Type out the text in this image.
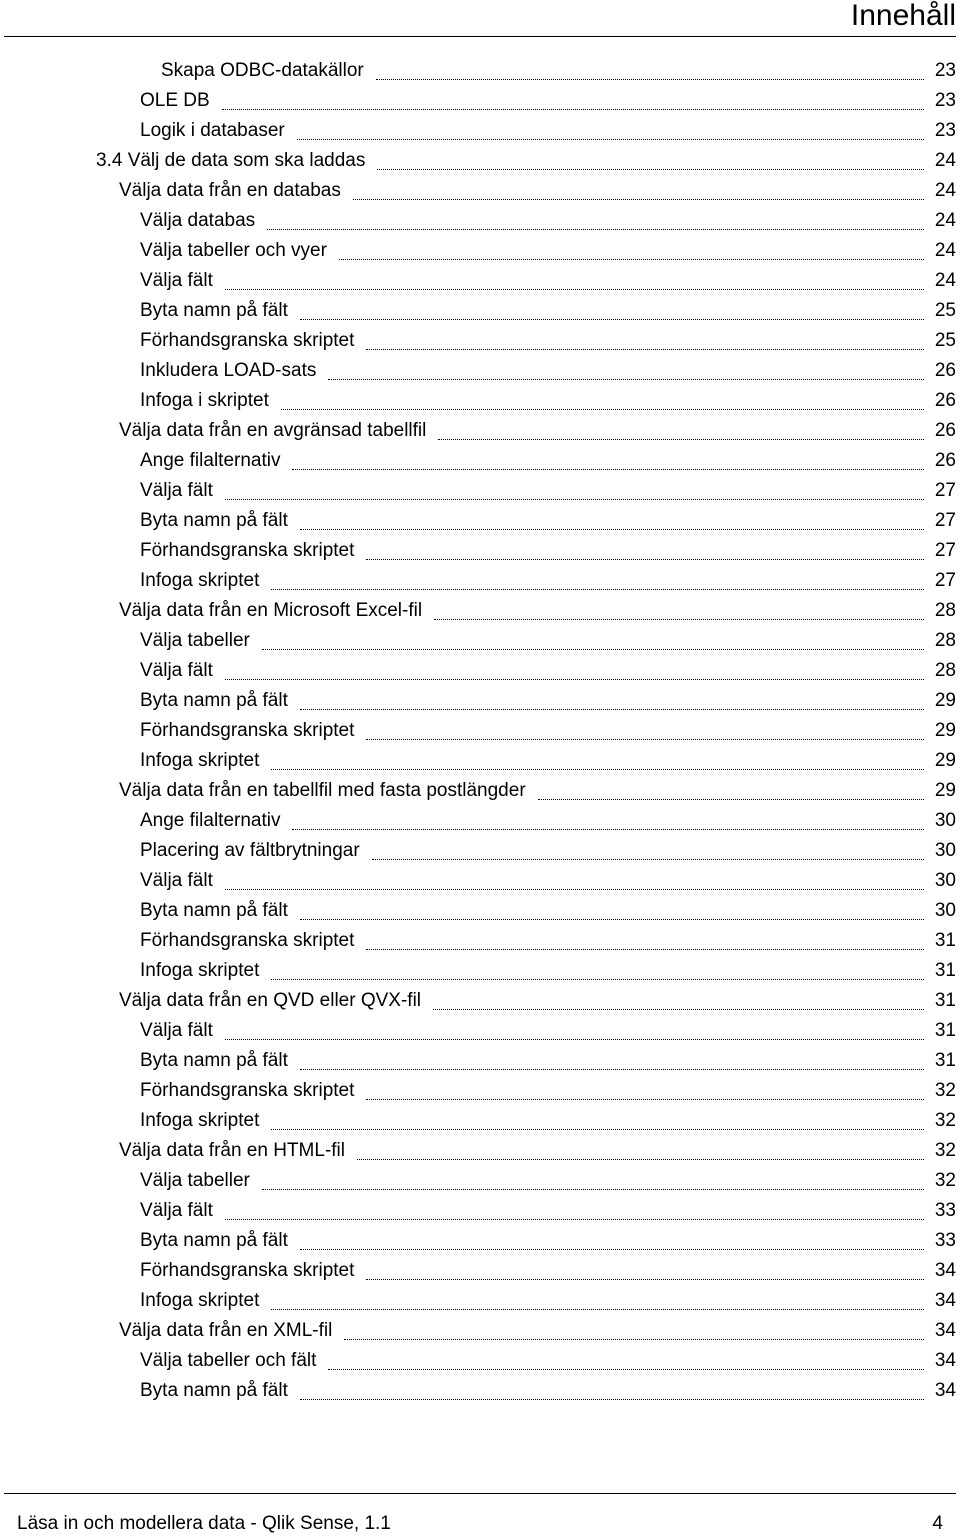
Innehåll
Skapa ODBC-datakällor	23
OLE DB	23
Logik i databaser	23
3.4 Välj de data som ska laddas	24
Välja data från en databas	24
Välja databas	24
Välja tabeller och vyer	24
Välja fält	24
Byta namn på fält	25
Förhandsgranska skriptet	25
Inkludera LOAD-sats	26
Infoga i skriptet	26
Välja data från en avgränsad tabellfil	26
Ange filalternativ	26
Välja fält	27
Byta namn på fält	27
Förhandsgranska skriptet	27
Infoga skriptet	27
Välja data från en Microsoft Excel-fil	28
Välja tabeller	28
Välja fält	28
Byta namn på fält	29
Förhandsgranska skriptet	29
Infoga skriptet	29
Välja data från en tabellfil med fasta postlängder	29
Ange filalternativ	30
Placering av fältbrytningar	30
Välja fält	30
Byta namn på fält	30
Förhandsgranska skriptet	31
Infoga skriptet	31
Välja data från en QVD eller QVX-fil	31
Välja fält	31
Byta namn på fält	31
Förhandsgranska skriptet	32
Infoga skriptet	32
Välja data från en HTML-fil	32
Välja tabeller	32
Välja fält	33
Byta namn på fält	33
Förhandsgranska skriptet	34
Infoga skriptet	34
Välja data från en XML-fil	34
Välja tabeller och fält	34
Byta namn på fält	34
Läsa in och modellera data - Qlik Sense, 1.1	4
